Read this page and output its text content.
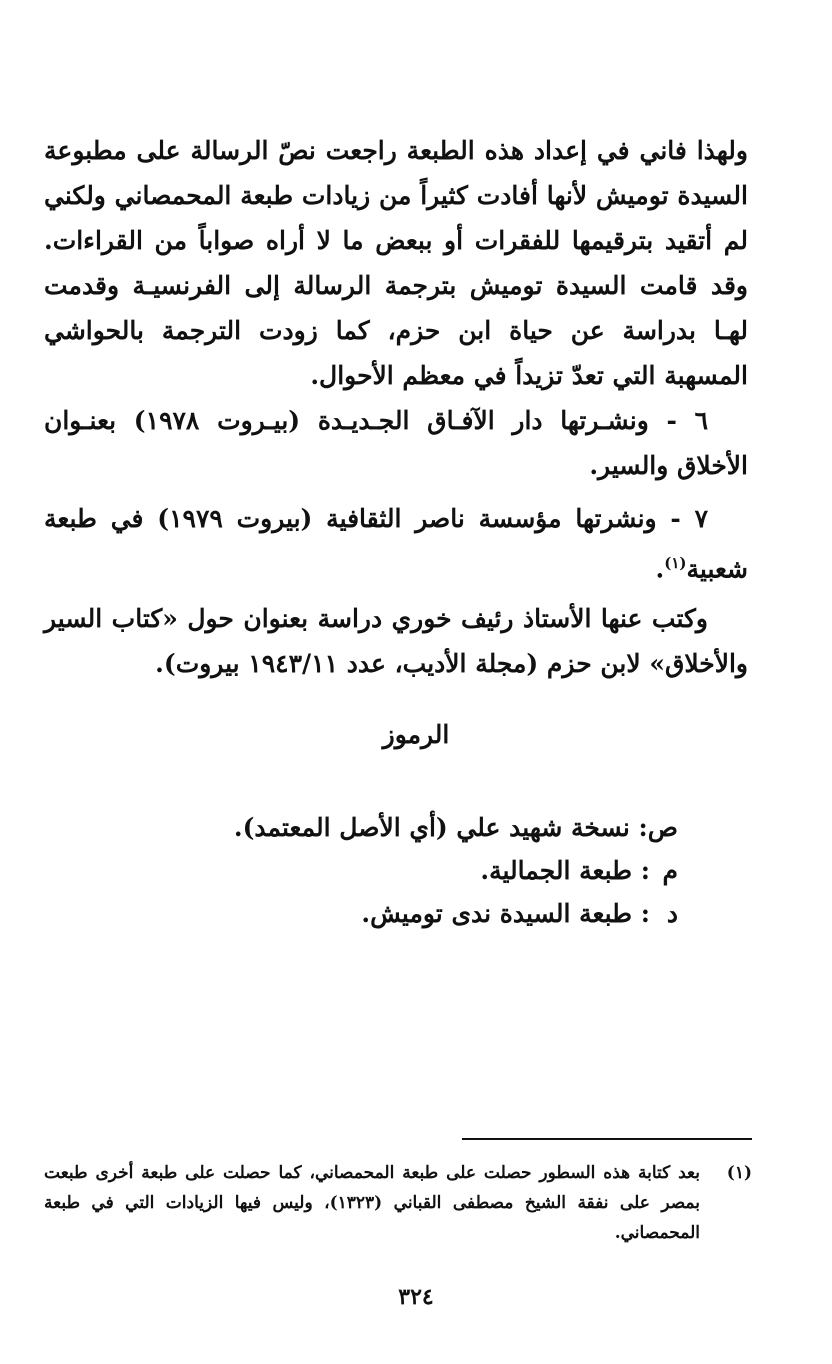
ولهذا فاني في إعداد هذه الطبعة راجعت نصّ الرسالة على مطبوعة السيدة توميش لأنها أفادت كثيراً من زيادات طبعة المحمصاني ولكني لم أتقيد بترقيمها للفقرات أو ببعض ما لا أراه صواباً من القراءات. وقد قامت السيدة توميش بترجمة الرسالة إلى الفرنسيـة وقدمت لهـا بدراسة عن حياة ابن حزم، كما زودت الترجمة بالحواشي المسهبة التي تعدّ تزيداً في معظم الأحوال.

٦ - ونشـرتها دار الآفـاق الجـديـدة (بيـروت ١٩٧٨) بعنـوان الأخلاق والسير.

٧ - ونشرتها مؤسسة ناصر الثقافية (بيروت ١٩٧٩) في طبعة شعبية$^{(١)}$.

وكتب عنها الأستاذ رئيف خوري دراسة بعنوان حول «كتاب السير والأخلاق» لابن حزم (مجلة الأديب، عدد ١٩٤٣/١١ بيروت).

الرموز
ص: نسخة شهيد علي (أي الأصل المعتمد).
م: طبعة الجمالية.
د: طبعة السيدة ندى توميش.
(١)
بعد كتابة هذه السطور حصلت على طبعة المحمصاني، كما حصلت على طبعة أخرى طبعت بمصر على نفقة الشيخ مصطفى القباني (١٣٢٣)، وليس فيها الزيادات التي في طبعة المحمصاني.
٣٢٤
